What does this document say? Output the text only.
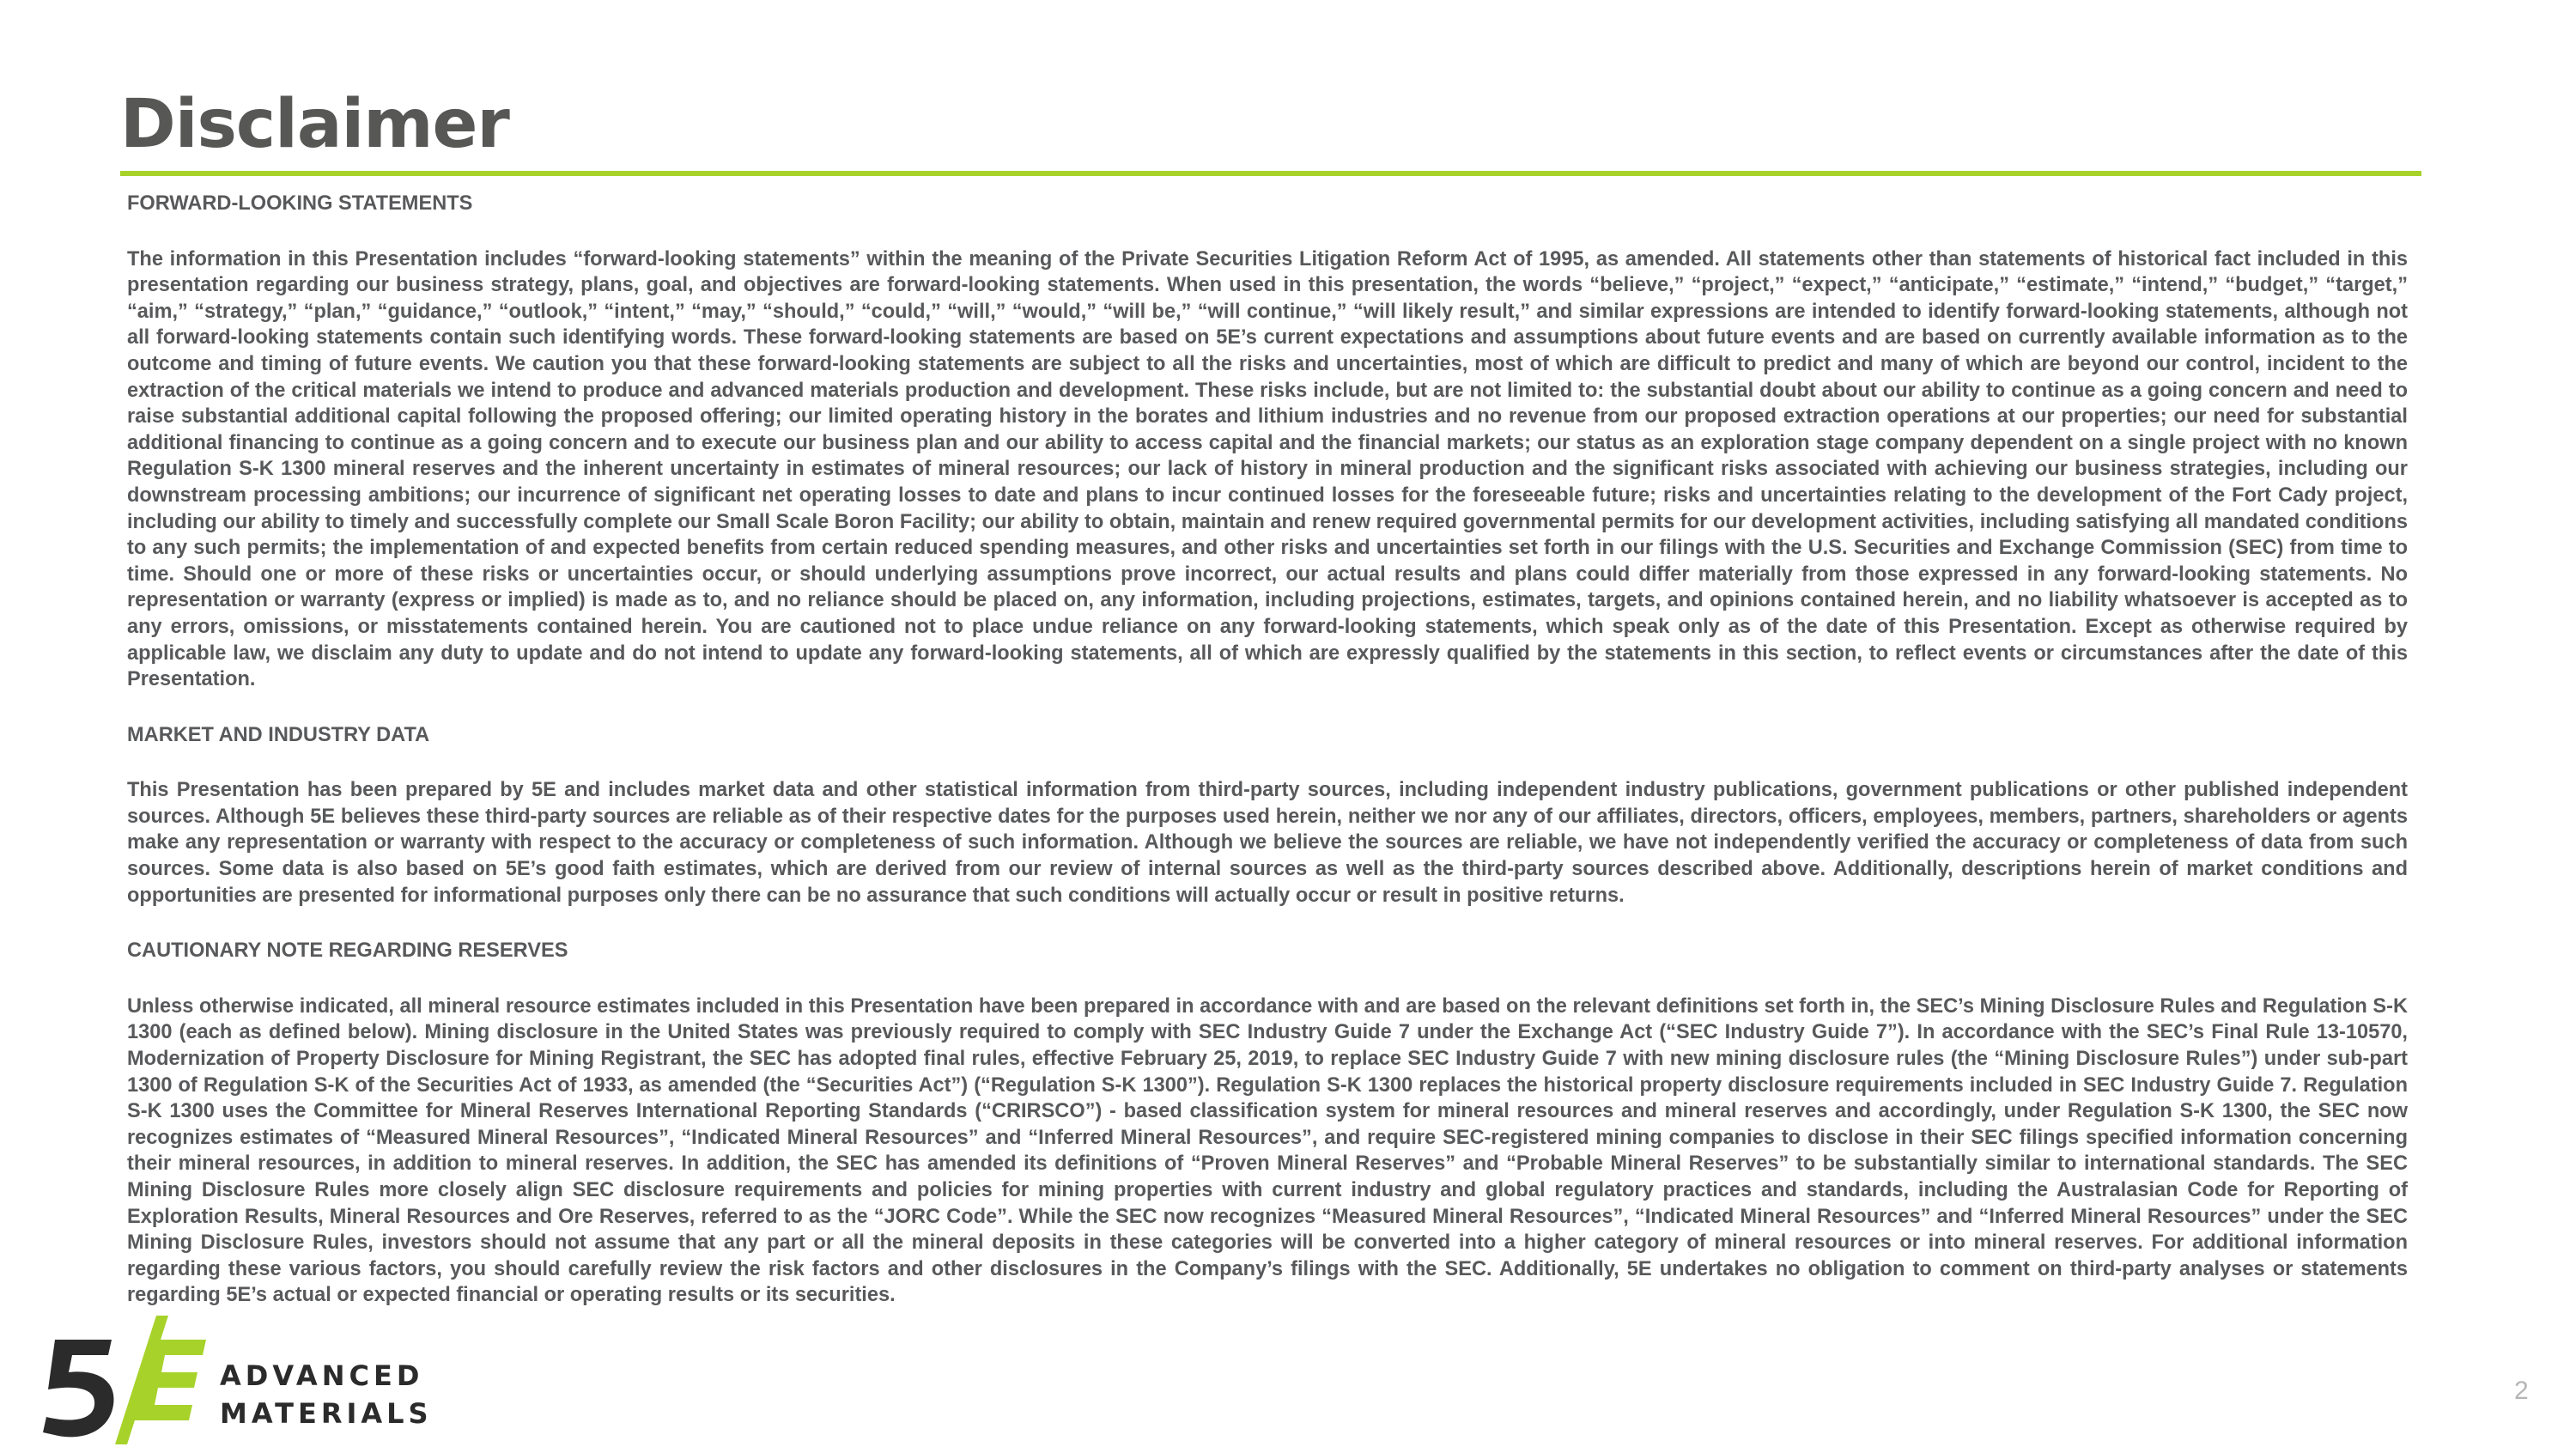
Disclaimer
FORWARD-LOOKING STATEMENTS

The information in this Presentation includes “forward-looking statements” within the meaning of the Private Securities Litigation Reform Act of 1995, as amended. All statements other than statements of historical fact included in this presentation regarding our business strategy, plans, goal, and objectives are forward-looking statements. When used in this presentation, the words “believe,” “project,” “expect,” “anticipate,” “estimate,” “intend,” “budget,” “target,” “aim,” “strategy,” “plan,” “guidance,” “outlook,” “intent,” “may,” “should,” “could,” “will,” “would,” “will be,” “will continue,” “will likely result,” and similar expressions are intended to identify forward-looking statements, although not all forward-looking statements contain such identifying words. These forward-looking statements are based on 5E’s current expectations and assumptions about future events and are based on currently available information as to the outcome and timing of future events. We caution you that these forward-looking statements are subject to all the risks and uncertainties, most of which are difficult to predict and many of which are beyond our control, incident to the extraction of the critical materials we intend to produce and advanced materials production and development. These risks include, but are not limited to: the substantial doubt about our ability to continue as a going concern and need to raise substantial additional capital following the proposed offering; our limited operating history in the borates and lithium industries and no revenue from our proposed extraction operations at our properties; our need for substantial additional financing to continue as a going concern and to execute our business plan and our ability to access capital and the financial markets; our status as an exploration stage company dependent on a single project with no known Regulation S-K 1300 mineral reserves and the inherent uncertainty in estimates of mineral resources; our lack of history in mineral production and the significant risks associated with achieving our business strategies, including our downstream processing ambitions; our incurrence of significant net operating losses to date and plans to incur continued losses for the foreseeable future; risks and uncertainties relating to the development of the Fort Cady project, including our ability to timely and successfully complete our Small Scale Boron Facility; our ability to obtain, maintain and renew required governmental permits for our development activities, including satisfying all mandated conditions to any such permits; the implementation of and expected benefits from certain reduced spending measures, and other risks and uncertainties set forth in our filings with the U.S. Securities and Exchange Commission (SEC) from time to time. Should one or more of these risks or uncertainties occur, or should underlying assumptions prove incorrect, our actual results and plans could differ materially from those expressed in any forward-looking statements. No representation or warranty (express or implied) is made as to, and no reliance should be placed on, any information, including projections, estimates, targets, and opinions contained herein, and no liability whatsoever is accepted as to any errors, omissions, or misstatements contained herein. You are cautioned not to place undue reliance on any forward-looking statements, which speak only as of the date of this Presentation. Except as otherwise required by applicable law, we disclaim any duty to update and do not intend to update any forward-looking statements, all of which are expressly qualified by the statements in this section, to reflect events or circumstances after the date of this Presentation.

MARKET AND INDUSTRY DATA

This Presentation has been prepared by 5E and includes market data and other statistical information from third-party sources, including independent industry publications, government publications or other published independent sources. Although 5E believes these third-party sources are reliable as of their respective dates for the purposes used herein, neither we nor any of our affiliates, directors, officers, employees, members, partners, shareholders or agents make any representation or warranty with respect to the accuracy or completeness of such information. Although we believe the sources are reliable, we have not independently verified the accuracy or completeness of data from such sources. Some data is also based on 5E’s good faith estimates, which are derived from our review of internal sources as well as the third-party sources described above. Additionally, descriptions herein of market conditions and opportunities are presented for informational purposes only there can be no assurance that such conditions will actually occur or result in positive returns.

CAUTIONARY NOTE REGARDING RESERVES

Unless otherwise indicated, all mineral resource estimates included in this Presentation have been prepared in accordance with and are based on the relevant definitions set forth in, the SEC’s Mining Disclosure Rules and Regulation S-K 1300 (each as defined below). Mining disclosure in the United States was previously required to comply with SEC Industry Guide 7 under the Exchange Act (“SEC Industry Guide 7”). In accordance with the SEC’s Final Rule 13-10570, Modernization of Property Disclosure for Mining Registrant, the SEC has adopted final rules, effective February 25, 2019, to replace SEC Industry Guide 7 with new mining disclosure rules (the “Mining Disclosure Rules”) under sub-part 1300 of Regulation S-K of the Securities Act of 1933, as amended (the “Securities Act”) (“Regulation S-K 1300”). Regulation S-K 1300 replaces the historical property disclosure requirements included in SEC Industry Guide 7. Regulation S-K 1300 uses the Committee for Mineral Reserves International Reporting Standards (“CRIRSCO”) - based classification system for mineral resources and mineral reserves and accordingly, under Regulation S-K 1300, the SEC now recognizes estimates of “Measured Mineral Resources”, “Indicated Mineral Resources” and “Inferred Mineral Resources”, and require SEC-registered mining companies to disclose in their SEC filings specified information concerning their mineral resources, in addition to mineral reserves. In addition, the SEC has amended its definitions of “Proven Mineral Reserves” and “Probable Mineral Reserves” to be substantially similar to international standards. The SEC Mining Disclosure Rules more closely align SEC disclosure requirements and policies for mining properties with current industry and global regulatory practices and standards, including the Australasian Code for Reporting of Exploration Results, Mineral Resources and Ore Reserves, referred to as the “JORC Code”. While the SEC now recognizes “Measured Mineral Resources”, “Indicated Mineral Resources” and “Inferred Mineral Resources” under the SEC Mining Disclosure Rules, investors should not assume that any part or all the mineral deposits in these categories will be converted into a higher category of mineral resources or into mineral reserves. For additional information regarding these various factors, you should carefully review the risk factors and other disclosures in the Company’s filings with the SEC. Additionally, 5E undertakes no obligation to comment on third-party analyses or statements regarding 5E’s actual or expected financial or operating results or its securities.

ADVANCED
MATERIALS
2
